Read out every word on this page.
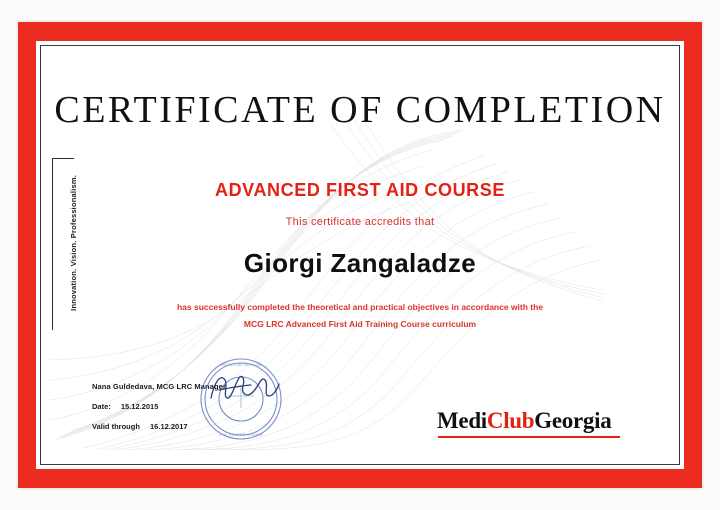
Innovation. Vision. Professionalism.
CERTIFICATE OF COMPLETION
ADVANCED FIRST AID COURSE
This certificate accredits that
Giorgi Zangaladze
has successfully completed the theoretical and practical objectives in accordance with the
MCG LRC Advanced First Aid Training Course curriculum
Nana Guldedava, MCG LRC Manager
Date: 15.12.2015
Valid through 16.12.2017
MEDICLUB GEORGIA
LIFE RESCUE CENTER
MediClubGeorgia
